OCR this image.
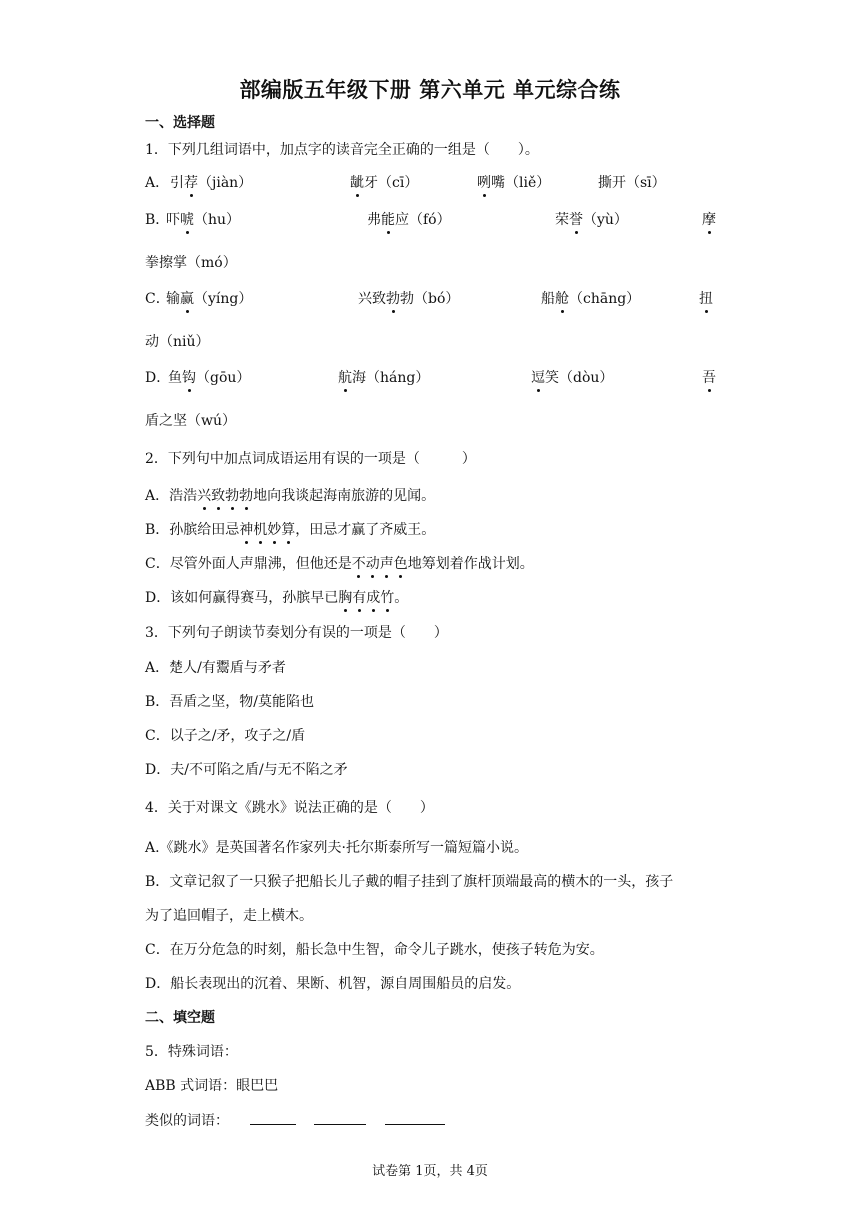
部编版五年级下册 第六单元 单元综合练
一、选择题
1．下列几组词语中，加点字的读音完全正确的一组是（　　）。
A． 引荐（jiàn）	龇牙（cī）	咧嘴（liě）	撕开（sī）
B．
吓唬（hu）	弗能应（fó）	荣誉（yù）	摩
拳擦掌（mó）
C．
输赢（yíng）	兴致勃勃（bó）	船舱（chāng）	扭
动（niǔ）
D．
鱼钩（gōu）	航海（háng）	逗笑（dòu）	吾
盾之坚（wú）
2．下列句中加点词成语运用有误的一项是（　　　）
A．浩浩兴致勃勃地向我谈起海南旅游的见闻。
B．孙膑给田忌神机妙算，田忌才赢了齐威王。
C．尽管外面人声鼎沸，但他还是不动声色地筹划着作战计划。
D．该如何赢得赛马，孙膑早已胸有成竹。
3．下列句子朗读节奏划分有误的一项是（　　）
A．楚人/有鬻盾与矛者
B．吾盾之坚，物/莫能陷也
C．以子之/矛，攻子之/盾
D．夫/不可陷之盾/与无不陷之矛
4．关于对课文《跳水》说法正确的是（　　）
A.《跳水》是英国著名作家列夫·托尔斯泰所写一篇短篇小说。
B．文章记叙了一只猴子把船长儿子戴的帽子挂到了旗杆顶端最高的横木的一头，孩子
为了追回帽子，走上横木。
C．在万分危急的时刻，船长急中生智，命令儿子跳水，使孩子转危为安。
D．船长表现出的沉着、果断、机智，源自周围船员的启发。
二、填空题
5．特殊词语：
ABB 式词语：眼巴巴
类似的词语：
试卷第 1页，共 4页
